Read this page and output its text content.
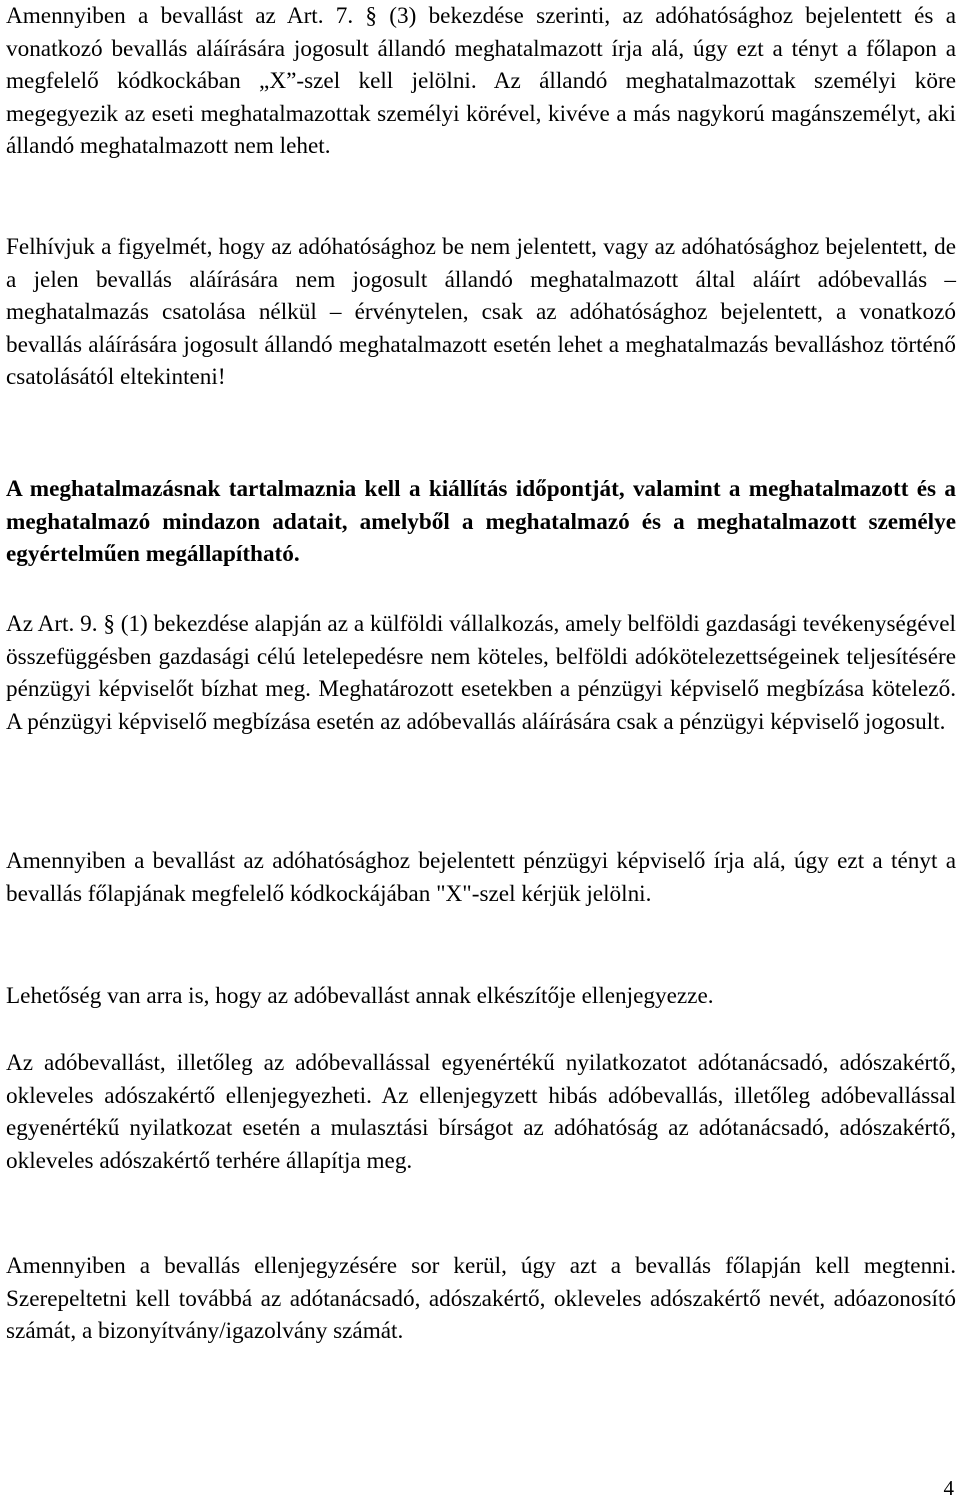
Amennyiben a bevallást az Art. 7. § (3) bekezdése szerinti, az adóhatósághoz bejelentett és a vonatkozó bevallás aláírására jogosult állandó meghatalmazott írja alá, úgy ezt a tényt a főlapon a megfelelő kódkockában „X”-szel kell jelölni. Az állandó meghatalmazottak személyi köre megegyezik az eseti meghatalmazottak személyi körével, kivéve a más nagykorú magánszemélyt, aki állandó meghatalmazott nem lehet.

Felhívjuk a figyelmét, hogy az adóhatósághoz be nem jelentett, vagy az adóhatósághoz bejelentett, de a jelen bevallás aláírására nem jogosult állandó meghatalmazott által aláírt adóbevallás – meghatalmazás csatolása nélkül – érvénytelen, csak az adóhatósághoz bejelentett, a vonatkozó bevallás aláírására jogosult állandó meghatalmazott esetén lehet a meghatalmazás bevalláshoz történő csatolásától eltekinteni!

A meghatalmazásnak tartalmaznia kell a kiállítás időpontját, valamint a meghatalmazott és a meghatalmazó mindazon adatait, amelyből a meghatalmazó és a meghatalmazott személye egyértelműen megállapítható.

Az Art. 9. § (1) bekezdése alapján az a külföldi vállalkozás, amely belföldi gazdasági tevékenységével összefüggésben gazdasági célú letelepedésre nem köteles, belföldi adókötelezettségeinek teljesítésére pénzügyi képviselőt bízhat meg. Meghatározott esetekben a pénzügyi képviselő megbízása kötelező. A pénzügyi képviselő megbízása esetén az adóbevallás aláírására csak a pénzügyi képviselő jogosult.

Amennyiben a bevallást az adóhatósághoz bejelentett pénzügyi képviselő írja alá, úgy ezt a tényt a bevallás főlapjának megfelelő kódkockájában "X"-szel kérjük jelölni.

Lehetőség van arra is, hogy az adóbevallást annak elkészítője ellenjegyezze.

Az adóbevallást, illetőleg az adóbevallással egyenértékű nyilatkozatot adótanácsadó, adószakértő, okleveles adószakértő ellenjegyezheti. Az ellenjegyzett hibás adóbevallás, illetőleg adóbevallással egyenértékű nyilatkozat esetén a mulasztási bírságot az adóhatóság az adótanácsadó, adószakértő, okleveles adószakértő terhére állapítja meg.

Amennyiben a bevallás ellenjegyzésére sor kerül, úgy azt a bevallás főlapján kell megtenni. Szerepeltetni kell továbbá az adótanácsadó, adószakértő, okleveles adószakértő nevét, adóazonosító számát, a bizonyítvány/igazolvány számát.

4
